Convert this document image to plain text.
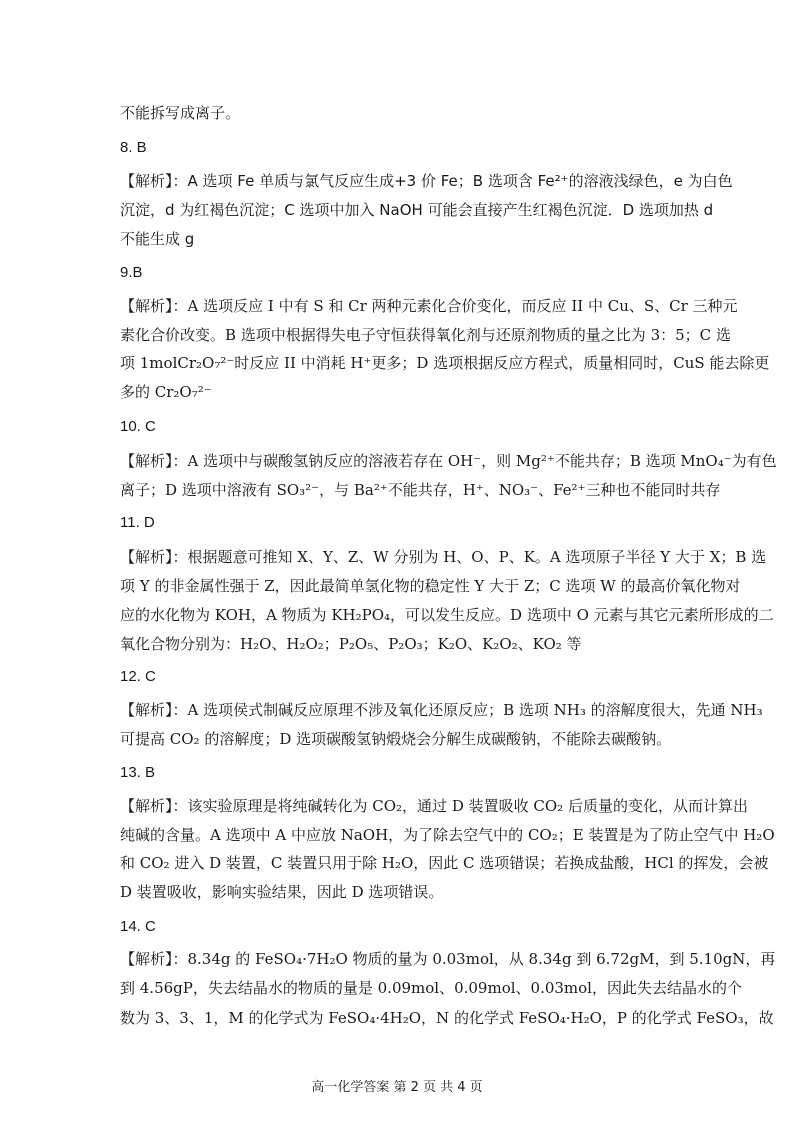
不能拆写成离子。
8. B
【解析】：A 选项 Fe 单质与氯气反应生成+3 价 Fe；B 选项含 Fe²⁺的溶液浅绿色，e 为白色
沉淀，d 为红褐色沉淀；C 选项中加入 NaOH 可能会直接产生红褐色沉淀．D 选项加热 d
不能生成 g
9.B
【解析】：A 选项反应 I 中有 S 和 Cr 两种元素化合价变化，而反应 II 中 Cu、S、Cr 三种元
素化合价改变。B 选项中根据得失电子守恒获得氧化剂与还原剂物质的量之比为 3：5；C 选
项 1molCr₂O₇²⁻时反应 II 中消耗 H⁺更多；D 选项根据反应方程式，质量相同时，CuS 能去除更
多的 Cr₂O₇²⁻
10. C
【解析】：A 选项中与碳酸氢钠反应的溶液若存在 OH⁻，则 Mg²⁺不能共存；B 选项 MnO₄⁻为有色
离子；D 选项中溶液有 SO₃²⁻，与 Ba²⁺不能共存，H⁺、NO₃⁻、Fe²⁺三种也不能同时共存
11. D
【解析】：根据题意可推知 X、Y、Z、W 分别为 H、O、P、K。A 选项原子半径 Y 大于 X；B 选
项 Y 的非金属性强于 Z，因此最简单氢化物的稳定性 Y 大于 Z；C 选项 W 的最高价氧化物对
应的水化物为 KOH，A 物质为 KH₂PO₄，可以发生反应。D 选项中 O 元素与其它元素所形成的二
氧化合物分别为：H₂O、H₂O₂；P₂O₅、P₂O₃；K₂O、K₂O₂、KO₂ 等
12. C
【解析】：A 选项侯式制碱反应原理不涉及氧化还原反应；B 选项 NH₃ 的溶解度很大，先通 NH₃
可提高 CO₂ 的溶解度；D 选项碳酸氢钠煅烧会分解生成碳酸钠，不能除去碳酸钠。
13. B
【解析】：该实验原理是将纯碱转化为 CO₂，通过 D 装置吸收 CO₂ 后质量的变化，从而计算出
纯碱的含量。A 选项中 A 中应放 NaOH，为了除去空气中的 CO₂；E 装置是为了防止空气中 H₂O
和 CO₂ 进入 D 装置，C 装置只用于除 H₂O，因此 C 选项错误；若换成盐酸，HCl 的挥发，会被
D 装置吸收，影响实验结果，因此 D 选项错误。
14. C
【解析】：8.34g 的 FeSO₄·7H₂O 物质的量为 0.03mol，从 8.34g 到 6.72gM，到 5.10gN，再
到 4.56gP，失去结晶水的物质的量是 0.09mol、0.09mol、0.03mol，因此失去结晶水的个
数为 3、3、1，M 的化学式为 FeSO₄·4H₂O，N 的化学式 FeSO₄·H₂O，P 的化学式 FeSO₃，故
高一化学答案 第 2 页 共 4 页
